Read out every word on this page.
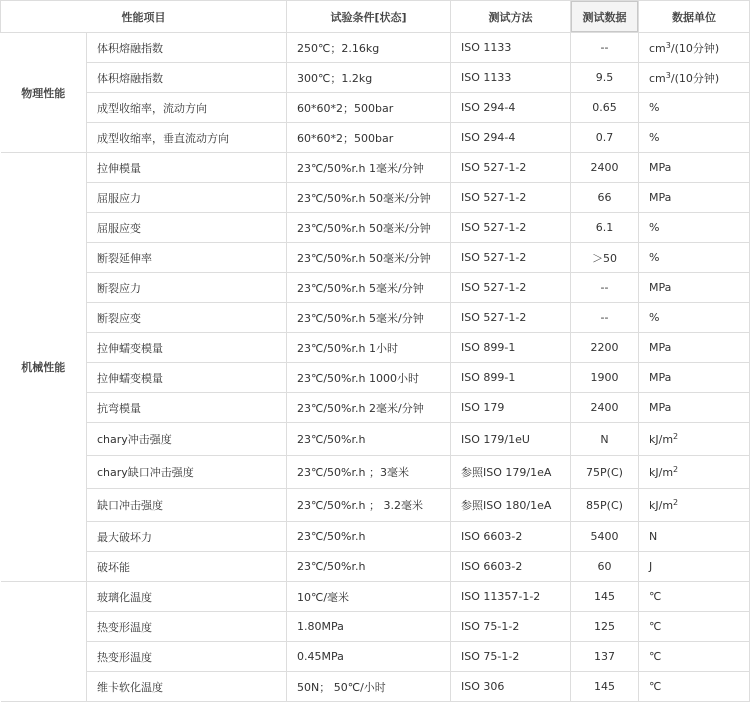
性能项目		试验条件[状态]	测试方法	测试数据	数据单位
物理性能	体积熔融指数	250℃；2.16kg	ISO 1133	--	$cm^3/(10$分钟)
	体积熔融指数	300℃；1.2kg	ISO 1133	9.5	$cm^3/(10$分钟)
	成型收缩率，流动方向	60*60*2；500bar	ISO 294-4	0.65	%
	成型收缩率，垂直流动方向	60*60*2；500bar	ISO 294-4	0.7	%
机械性能	拉伸模量	23℃/50%r.h 1毫米/分钟	ISO 527-1-2	2400	MPa
	屈服应力	23℃/50%r.h 50毫米/分钟	ISO 527-1-2	66	MPa
	屈服应变	23℃/50%r.h 50毫米/分钟	ISO 527-1-2	6.1	%
	断裂延伸率	23℃/50%r.h 50毫米/分钟	ISO 527-1-2	＞50	%
	断裂应力	23℃/50%r.h 5毫米/分钟	ISO 527-1-2	--	MPa
	断裂应变	23℃/50%r.h 5毫米/分钟	ISO 527-1-2	--	%
	拉伸蠕变模量	23℃/50%r.h 1小时	ISO 899-1	2200	MPa
	拉伸蠕变模量	23℃/50%r.h 1000小时	ISO 899-1	1900	MPa
	抗弯模量	23℃/50%r.h 2毫米/分钟	ISO 179	2400	MPa
	chary冲击强度	23℃/50%r.h	ISO 179/1eU	N	$kJ/m^2$
	chary缺口冲击强度	23℃/50%r.h ；3毫米	参照ISO 179/1eA	75P(C)	$kJ/m^2$
	缺口冲击强度	23℃/50%r.h ； 3.2毫米	参照ISO 180/1eA	85P(C)	$kJ/m^2$
	最大破坏力	23℃/50%r.h	ISO 6603-2	5400	N
	破坏能	23℃/50%r.h	ISO 6603-2	60	J
	玻璃化温度	10℃/毫米	ISO 11357-1-2	145	℃
	热变形温度	1.80MPa	ISO 75-1-2	125	℃
	热变形温度	0.45MPa	ISO 75-1-2	137	℃
	维卡软化温度	50N； 50℃/小时	ISO 306	145	℃
